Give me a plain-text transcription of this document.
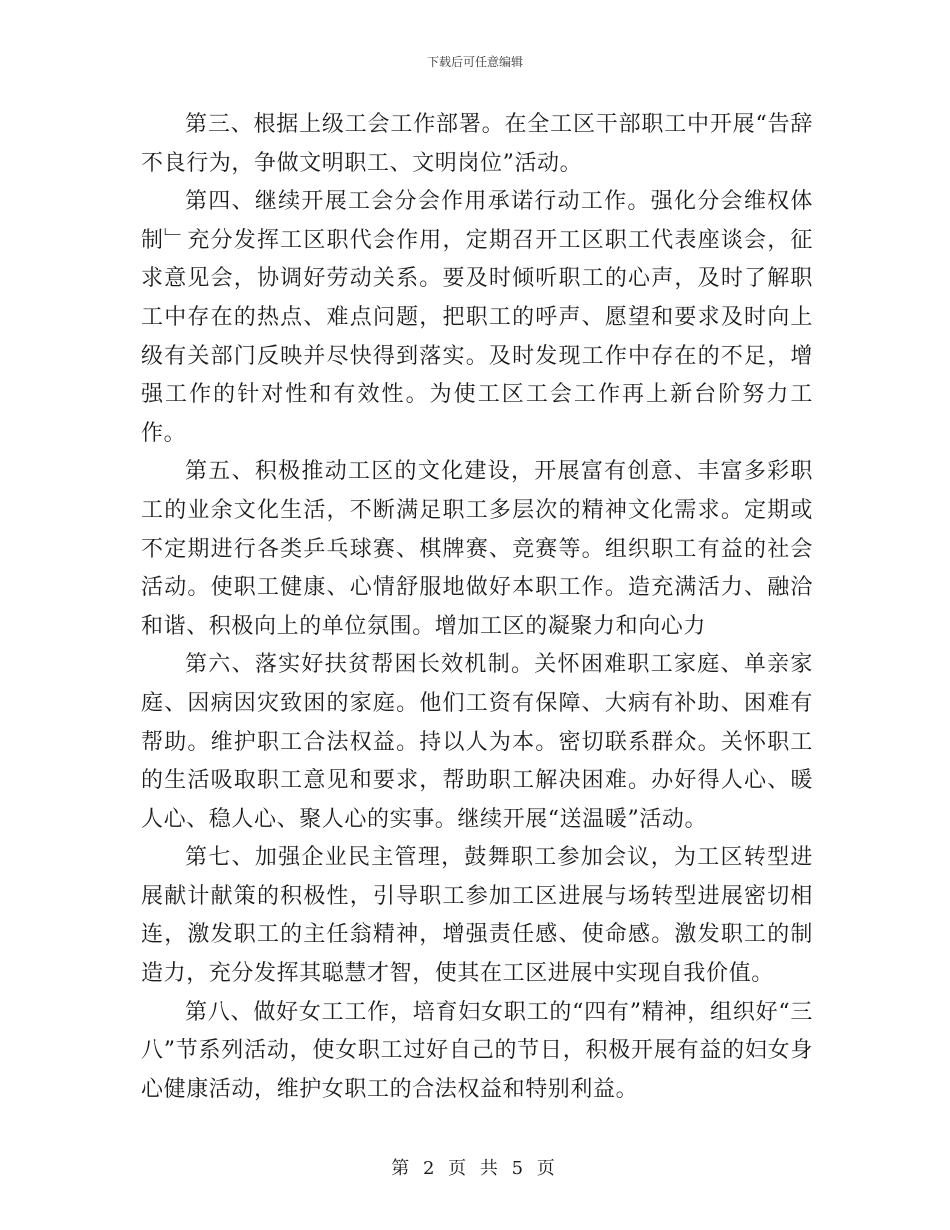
下载后可任意编辑

第三、根据上级工会工作部署。在全工区干部职工中开展“告辞不良行为，争做文明职工、文明岗位”活动。

第四、继续开展工会分会作用承诺行动工作。强化分会维权体制﹂充分发挥工区职代会作用，定期召开工区职工代表座谈会，征求意见会，协调好劳动关系。要及时倾听职工的心声，及时了解职工中存在的热点、难点问题，把职工的呼声、愿望和要求及时向上级有关部门反映并尽快得到落实。及时发现工作中存在的不足，增强工作的针对性和有效性。为使工区工会工作再上新台阶努力工作。

第五、积极推动工区的文化建设，开展富有创意、丰富多彩职工的业余文化生活，不断满足职工多层次的精神文化需求。定期或不定期进行各类乒乓球赛、棋牌赛、竞赛等。组织职工有益的社会活动。使职工健康、心情舒服地做好本职工作。造充满活力、融洽和谐、积极向上的单位氛围。增加工区的凝聚力和向心力

第六、落实好扶贫帮困长效机制。关怀困难职工家庭、单亲家庭、因病因灾致困的家庭。他们工资有保障、大病有补助、困难有帮助。维护职工合法权益。持以人为本。密切联系群众。关怀职工的生活吸取职工意见和要求，帮助职工解决困难。办好得人心、暖人心、稳人心、聚人心的实事。继续开展“送温暖”活动。

第七、加强企业民主管理，鼓舞职工参加会议，为工区转型进展献计献策的积极性，引导职工参加工区进展与场转型进展密切相连，激发职工的主任翁精神，增强责任感、使命感。激发职工的制造力，充分发挥其聪慧才智，使其在工区进展中实现自我价值。

第八、做好女工工作，培育妇女职工的“四有”精神，组织好“三八”节系列活动，使女职工过好自己的节日，积极开展有益的妇女身心健康活动，维护女职工的合法权益和特别利益。

第 2 页 共 5 页
